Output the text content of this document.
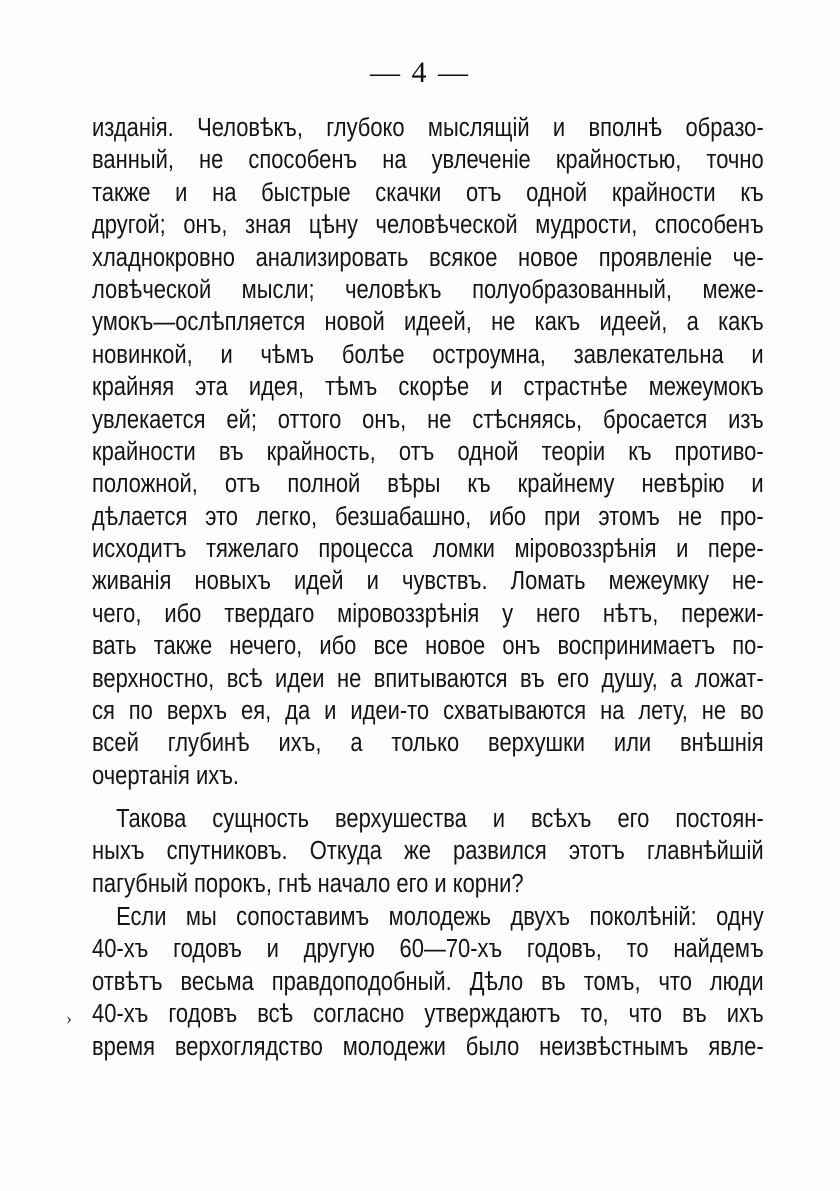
— 4 —
изданія. Человѣкъ, глубоко мыслящій и вполнѣ образо-
ванный, не способенъ на увлеченіе крайностью, точно
также и на быстрые скачки отъ одной крайности къ
другой; онъ, зная цѣну человѣческой мудрости, способенъ
хладнокровно анализировать всякое новое проявленіе че-
ловѣческой мысли; человѣкъ полуобразованный, меже-
умокъ—ослѣпляется новой идеей, не какъ идеей, а какъ
новинкой, и чѣмъ болѣе остроумна, завлекательна и
крайняя эта идея, тѣмъ скорѣе и страстнѣе межеумокъ
увлекается ей; оттого онъ, не стѣсняясь, бросается изъ
крайности въ крайность, отъ одной теоріи къ противо-
положной, отъ полной вѣры къ крайнему невѣрію и
дѣлается это легко, безшабашно, ибо при этомъ не про-
исходитъ тяжелаго процесса ломки міровоззрѣнія и пере-
живанія новыхъ идей и чувствъ. Ломать межеумку не-
чего, ибо твердаго міровоззрѣнія у него нѣтъ, пережи-
вать также нечего, ибо все новое онъ воспринимаетъ по-
верхностно, всѣ идеи не впитываются въ его душу, а ложат-
ся по верхъ ея, да и идеи-то схватываются на лету, не во
всей глубинѣ ихъ, а только верхушки или внѣшнія
очертанія ихъ.
Такова сущность верхушества и всѣхъ его постоян-
ныхъ спутниковъ. Откуда же развился этотъ главнѣйшій
пагубный порокъ, гнѣ начало его и корни?
Если мы сопоставимъ молодежь двухъ поколѣній: одну
40-хъ годовъ и другую 60—70-хъ годовъ, то найдемъ
отвѣтъ весьма правдоподобный. Дѣло въ томъ, что люди
40-хъ годовъ всѣ согласно утверждаютъ то, что въ ихъ
время верхоглядство молодежи было неизвѣстнымъ явле-
›
